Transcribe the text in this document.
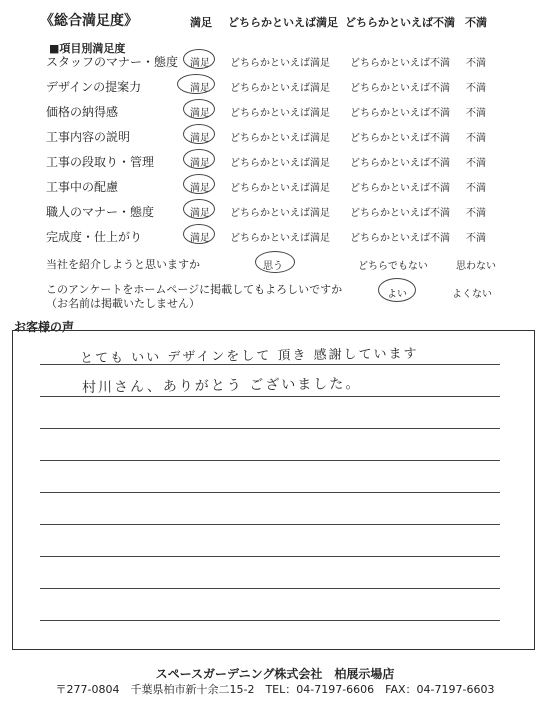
《総合満足度》	満足 どちらかといえば満足 どちらかといえば不満 不満
■項目別満足度
スタッフのマナー・態度 満足 どちらかといえば満足 どちらかといえば不満 不満
デザインの提案力	満足 どちらかといえば満足 どちらかといえば不満 不満
価格の納得感	満足 どちらかといえば満足 どちらかといえば不満 不満
工事内容の説明	満足 どちらかといえば満足 どちらかといえば不満 不満
工事の段取り・管理	満足 どちらかといえば満足 どちらかといえば不満 不満
工事中の配慮	満足 どちらかといえば満足 どちらかといえば不満 不満
職人のマナー・態度	満足 どちらかといえば満足 どちらかといえば不満 不満
完成度・仕上がり	満足 どちらかといえば満足 どちらかといえば不満 不満
当社を紹介しようと思いますか	思う	どちらでもない	思わない
このアンケートをホームページに掲載してもよろしいですか
（お名前は掲載いたしません）
よい	よくない
お客様の声
とても いい デザインをして 頂き 感謝しています
村川さん、ありがとう ございました。
スペースガーデニング株式会社　柏展示場店
〒277-0804　千葉県柏市新十余二15-2　TEL：04-7197-6606　FAX：04-7197-6603
